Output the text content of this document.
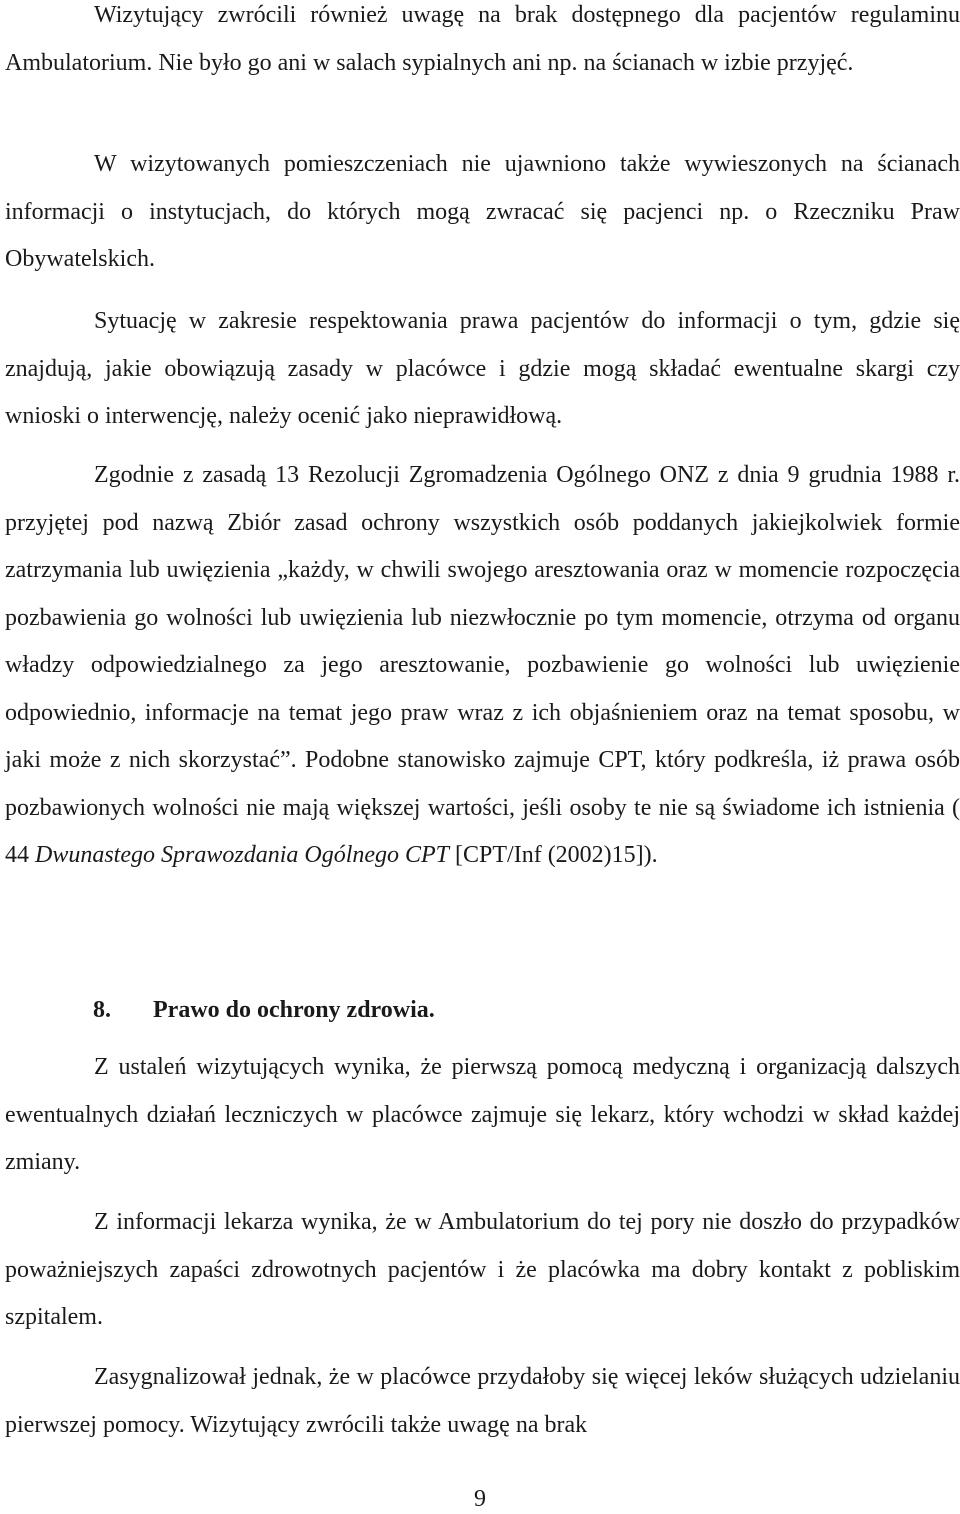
Wizytujący zwrócili również uwagę na brak dostępnego dla pacjentów regulaminu Ambulatorium. Nie było go ani w salach sypialnych ani np. na ścianach w izbie przyjęć.

W wizytowanych pomieszczeniach nie ujawniono także wywieszonych na ścianach informacji o instytucjach, do których mogą zwracać się pacjenci np. o Rzeczniku Praw Obywatelskich.

Sytuację w zakresie respektowania prawa pacjentów do informacji o tym, gdzie się znajdują, jakie obowiązują zasady w placówce i gdzie mogą składać ewentualne skargi czy wnioski o interwencję, należy ocenić jako nieprawidłową.

Zgodnie z zasadą 13 Rezolucji Zgromadzenia Ogólnego ONZ z dnia 9 grudnia 1988 r. przyjętej pod nazwą Zbiór zasad ochrony wszystkich osób poddanych jakiejkolwiek formie zatrzymania lub uwięzienia „każdy, w chwili swojego aresztowania oraz w momencie rozpoczęcia pozbawienia go wolności lub uwięzienia lub niezwłocznie po tym momencie, otrzyma od organu władzy odpowiedzialnego za jego aresztowanie, pozbawienie go wolności lub uwięzienie odpowiednio, informacje na temat jego praw wraz z ich objaśnieniem oraz na temat sposobu, w jaki może z nich skorzystać”. Podobne stanowisko zajmuje CPT, który podkreśla, iż prawa osób pozbawionych wolności nie mają większej wartości, jeśli osoby te nie są świadome ich istnienia ( 44 Dwunastego Sprawozdania Ogólnego CPT [CPT/Inf (2002)15]).

8. Prawo do ochrony zdrowia.

Z ustaleń wizytujących wynika, że pierwszą pomocą medyczną i organizacją dalszych ewentualnych działań leczniczych w placówce zajmuje się lekarz, który wchodzi w skład każdej zmiany.

Z informacji lekarza wynika, że w Ambulatorium do tej pory nie doszło do przypadków poważniejszych zapaści zdrowotnych pacjentów i że placówka ma dobry kontakt z pobliskim szpitalem.

Zasygnalizował jednak, że w placówce przydałoby się więcej leków służących udzielaniu pierwszej pomocy. Wizytujący zwrócili także uwagę na brak

9
